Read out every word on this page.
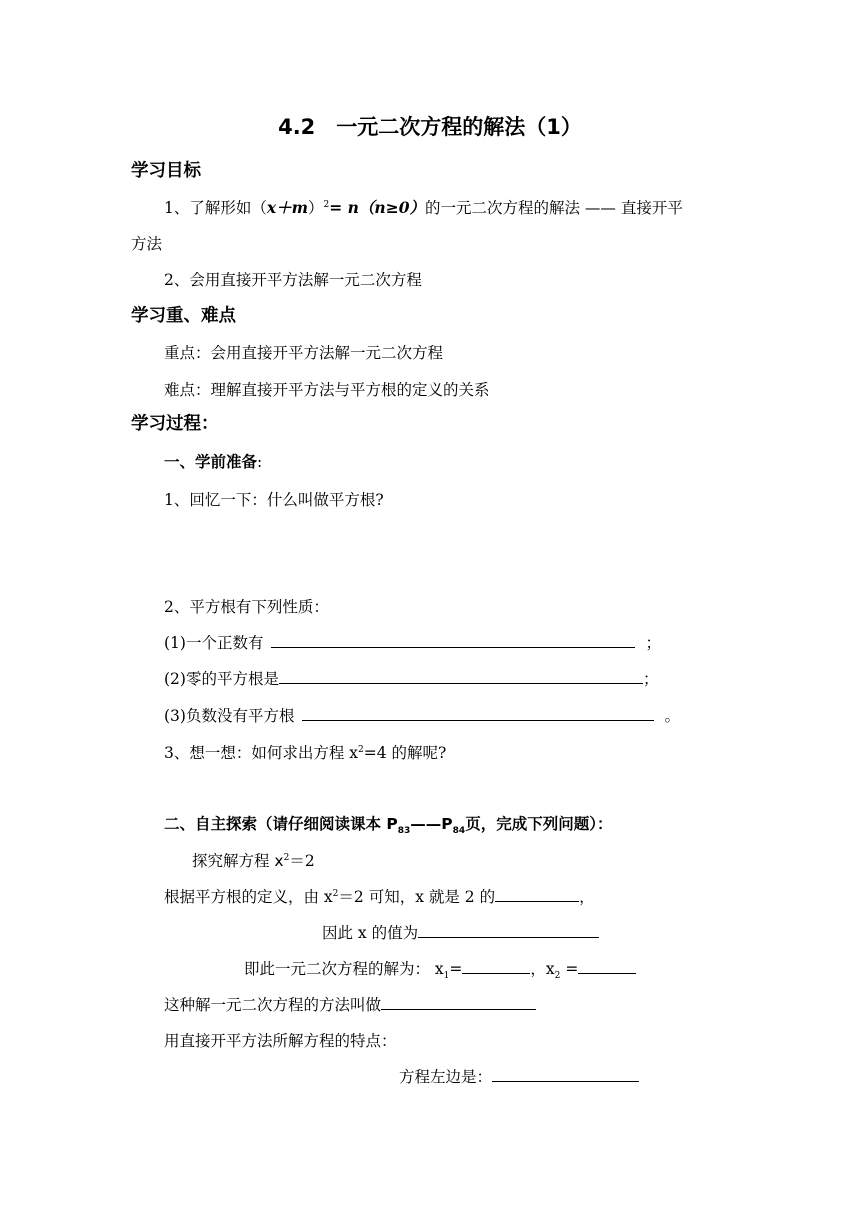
4.2　一元二次方程的解法（1）
学习目标
1、了解形如$(x+m)^2= n(n\ge 0)$的一元二次方程的解法 —— 直接开平
方法
2、会用直接开平方法解一元二次方程
学习重、难点
重点：会用直接开平方法解一元二次方程
难点：理解直接开平方法与平方根的定义的关系
学习过程：
一、学前准备:
1、回忆一下：什么叫做平方根?
2、平方根有下列性质：
(1)一个正数有	；
(2)零的平方根是	；
(3)负数没有平方根	。
3、想一想：如何求出方程 $x^2=4$ 的解呢?
二、自主探索（请仔细阅读课本 $P_{83}——P_{84}$页，完成下列问题）：
探究解方程 $x^2=2$
根据平方根的定义，由 $x^2=2$ 可知，x 就是 2 的	，
因此 x 的值为
即此一元二次方程的解为： $x_1=$	，$x_2$ =
这种解一元二次方程的方法叫做
用直接开平方法所解方程的特点：
方程左边是：
